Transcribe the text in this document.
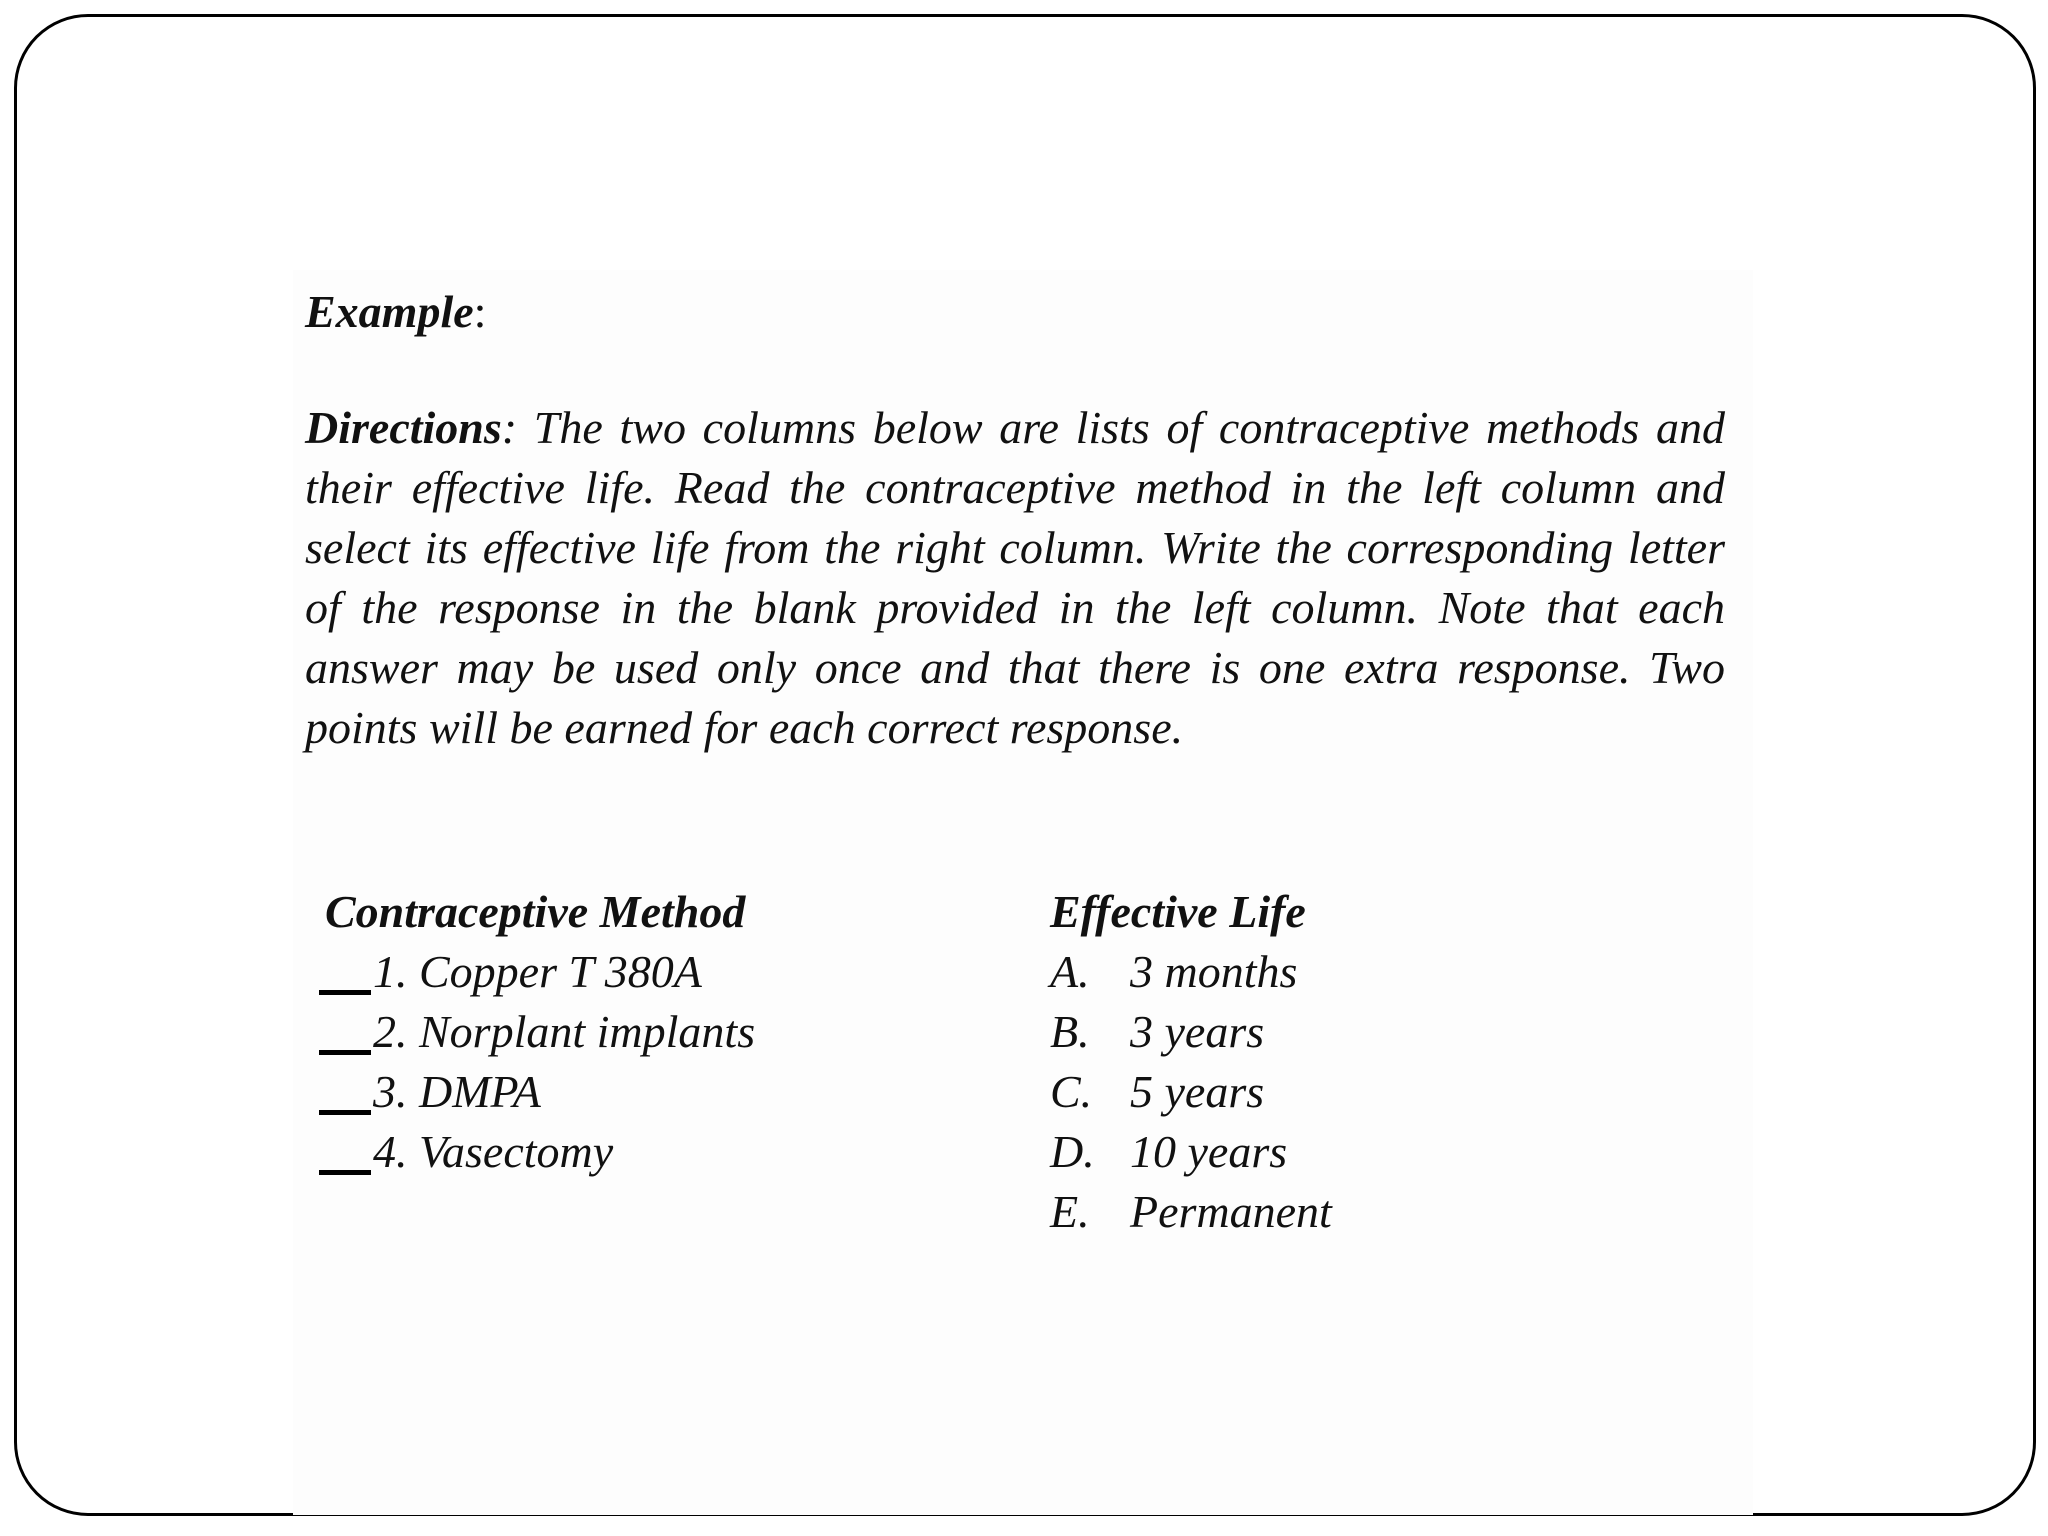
Example:

Directions: The two columns below are lists of contraceptive methods and their effective life. Read the contraceptive method in the left column and select its effective life from the right column. Write the corresponding letter of the response in the blank provided in the left column. Note that each answer may be used only once and that there is one extra response. Two points will be earned for each correct response.

Contraceptive Method
1. Copper T 380A
2. Norplant implants
3. DMPA
4. Vasectomy
Effective Life
A. 3 months
B. 3 years
C. 5 years
D. 10 years
E. Permanent
